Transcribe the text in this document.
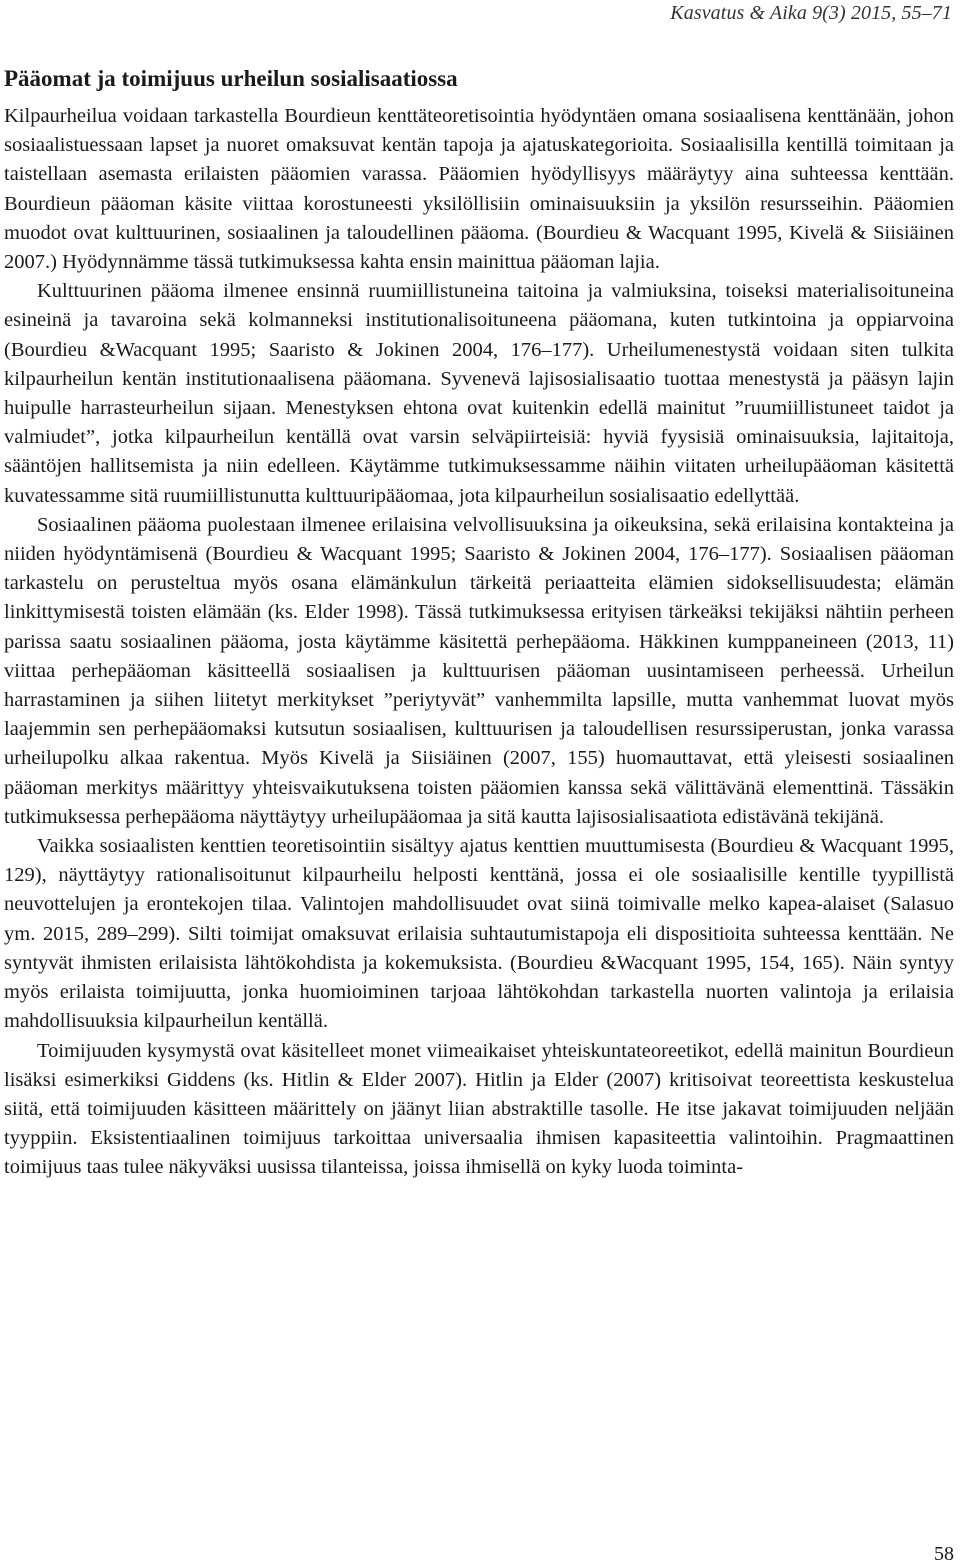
Kasvatus & Aika 9(3) 2015, 55–71
Pääomat ja toimijuus urheilun sosialisaatiossa

Kilpaurheilua voidaan tarkastella Bourdieun kenttäteoretisointia hyödyntäen omana sosiaalisena kenttänään, johon sosiaalistuessaan lapset ja nuoret omaksuvat kentän tapoja ja ajatuskategorioita. Sosiaalisilla kentillä toimitaan ja taistellaan asemasta erilaisten pääomien varassa. Pääomien hyödyllisyys määräytyy aina suhteessa kenttään. Bourdieun pääoman käsite viittaa korostuneesti yksilöllisiin ominaisuuksiin ja yksilön resursseihin. Pääomien muodot ovat kulttuurinen, sosiaalinen ja taloudellinen pääoma. (Bourdieu & Wacquant 1995, Kivelä & Siisiäinen 2007.) Hyödynnämme tässä tutkimuksessa kahta ensin mainittua pääoman lajia.

Kulttuurinen pääoma ilmenee ensinnä ruumiillistuneina taitoina ja valmiuksina, toiseksi materialisoituneina esineinä ja tavaroina sekä kolmanneksi institutionalisoituneena pääomana, kuten tutkintoina ja oppiarvoina (Bourdieu &Wacquant 1995; Saaristo & Jokinen 2004, 176–177). Urheilumenestystä voidaan siten tulkita kilpaurheilun kentän institutionaalisena pääomana. Syvenevä lajisosialisaatio tuottaa menestystä ja pääsyn lajin huipulle harrasteurheilun sijaan. Menestyksen ehtona ovat kuitenkin edellä mainitut ”ruumiillistuneet taidot ja valmiudet”, jotka kilpaurheilun kentällä ovat varsin selväpiirteisiä: hyviä fyysisiä ominaisuuksia, lajitaitoja, sääntöjen hallitsemista ja niin edelleen. Käytämme tutkimuksessamme näihin viitaten urheilupääoman käsitettä kuvatessamme sitä ruumiillistunutta kulttuuripääomaa, jota kilpaurheilun sosialisaatio edellyttää.

Sosiaalinen pääoma puolestaan ilmenee erilaisina velvollisuuksina ja oikeuksina, sekä erilaisina kontakteina ja niiden hyödyntämisenä (Bourdieu & Wacquant 1995; Saaristo & Jokinen 2004, 176–177). Sosiaalisen pääoman tarkastelu on perusteltua myös osana elämänkulun tärkeitä periaatteita elämien sidoksellisuudesta; elämän linkittymisestä toisten elämään (ks. Elder 1998). Tässä tutkimuksessa erityisen tärkeäksi tekijäksi nähtiin perheen parissa saatu sosiaalinen pääoma, josta käytämme käsitettä perhepääoma. Häkkinen kumppaneineen (2013, 11) viittaa perhepääoman käsitteellä sosiaalisen ja kulttuurisen pääoman uusintamiseen perheessä. Urheilun harrastaminen ja siihen liitetyt merkitykset ”periytyvät” vanhemmilta lapsille, mutta vanhemmat luovat myös laajemmin sen perhepääomaksi kutsutun sosiaalisen, kulttuurisen ja taloudellisen resurssiperustan, jonka varassa urheilupolku alkaa rakentua. Myös Kivelä ja Siisiäinen (2007, 155) huomauttavat, että yleisesti sosiaalinen pääoman merkitys määrittyy yhteisvaikutuksena toisten pääomien kanssa sekä välittävänä elementtinä. Tässäkin tutkimuksessa perhepääoma näyttäytyy urheilupääomaa ja sitä kautta lajisosialisaatiota edistävänä tekijänä.

Vaikka sosiaalisten kenttien teoretisointiin sisältyy ajatus kenttien muuttumisesta (Bourdieu & Wacquant 1995, 129), näyttäytyy rationalisoitunut kilpaurheilu helposti kenttänä, jossa ei ole sosiaalisille kentille tyypillistä neuvottelujen ja erontekojen tilaa. Valintojen mahdollisuudet ovat siinä toimivalle melko kapea-alaiset (Salasuo ym. 2015, 289–299). Silti toimijat omaksuvat erilaisia suhtautumistapoja eli dispositioita suhteessa kenttään. Ne syntyvät ihmisten erilaisista lähtökohdista ja kokemuksista. (Bourdieu &Wacquant 1995, 154, 165). Näin syntyy myös erilaista toimijuutta, jonka huomioiminen tarjoaa lähtökohdan tarkastella nuorten valintoja ja erilaisia mahdollisuuksia kilpaurheilun kentällä.

Toimijuuden kysymystä ovat käsitelleet monet viimeaikaiset yhteiskuntateoreetikot, edellä mainitun Bourdieun lisäksi esimerkiksi Giddens (ks. Hitlin & Elder 2007). Hitlin ja Elder (2007) kritisoivat teoreettista keskustelua siitä, että toimijuuden käsitteen määrittely on jäänyt liian abstraktille tasolle. He itse jakavat toimijuuden neljään tyyppiin. Eksistentiaalinen toimijuus tarkoittaa universaalia ihmisen kapasiteettia valintoihin. Pragmaattinen toimijuus taas tulee näkyväksi uusissa tilanteissa, joissa ihmisellä on kyky luoda toiminta-

58
